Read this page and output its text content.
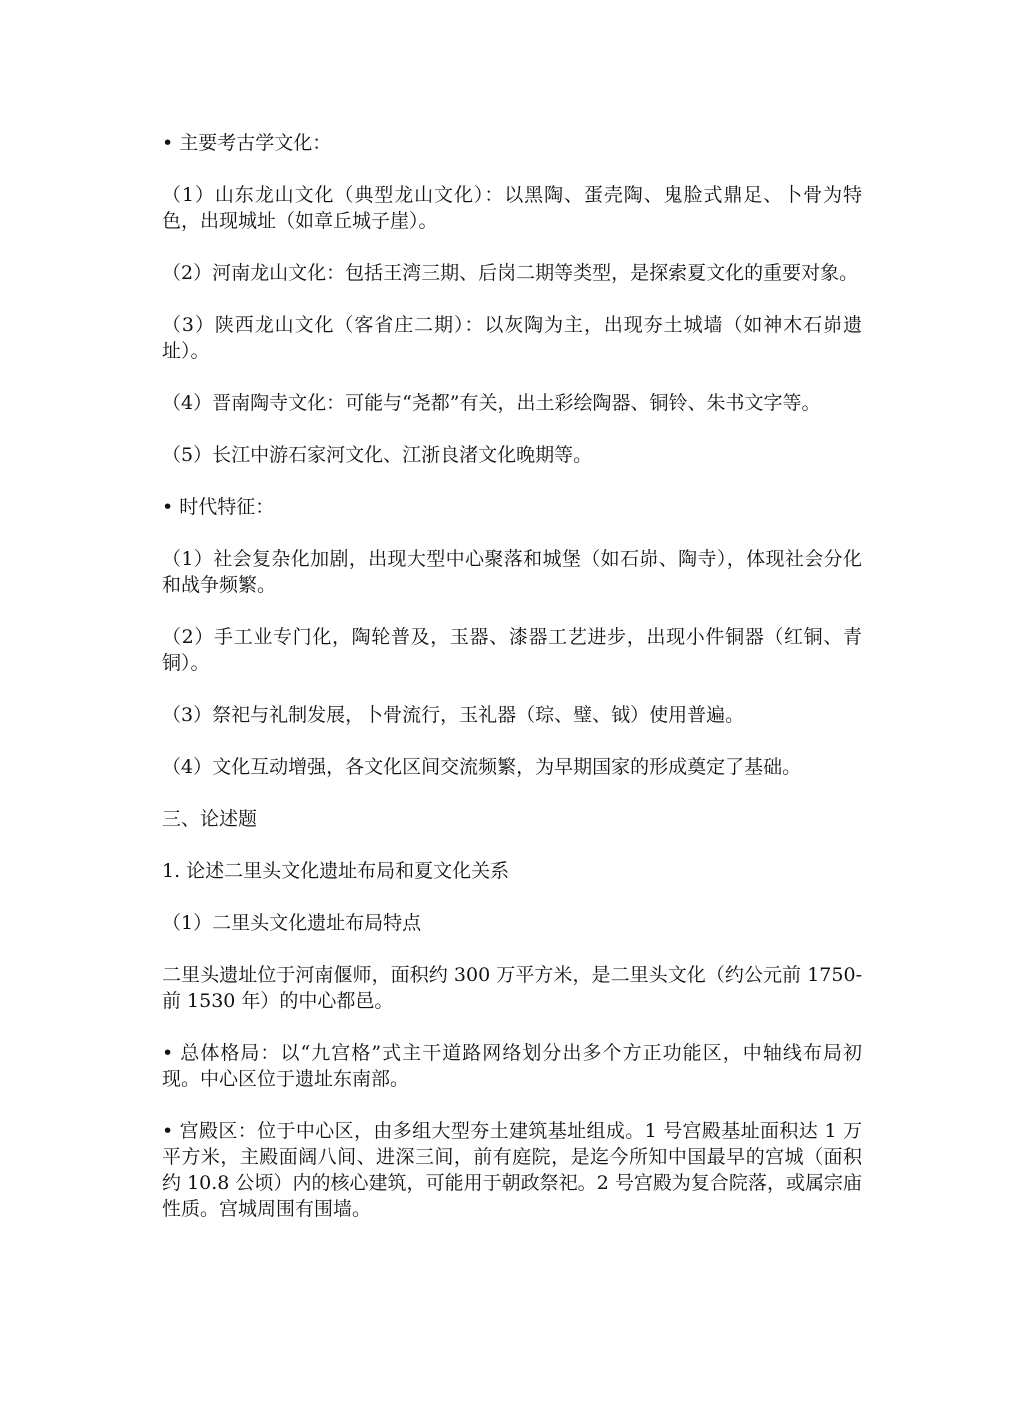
• 主要考古学文化：

（1）山东龙山文化（典型龙山文化）：以黑陶、蛋壳陶、鬼脸式鼎足、卜骨为特色，出现城址（如章丘城子崖）。

（2）河南龙山文化：包括王湾三期、后岗二期等类型，是探索夏文化的重要对象。

（3）陕西龙山文化（客省庄二期）：以灰陶为主，出现夯土城墙（如神木石峁遗址）。

（4）晋南陶寺文化：可能与“尧都”有关，出土彩绘陶器、铜铃、朱书文字等。

（5）长江中游石家河文化、江浙良渚文化晚期等。

• 时代特征：

（1）社会复杂化加剧，出现大型中心聚落和城堡（如石峁、陶寺），体现社会分化和战争频繁。

（2）手工业专门化，陶轮普及，玉器、漆器工艺进步，出现小件铜器（红铜、青铜）。

（3）祭祀与礼制发展，卜骨流行，玉礼器（琮、璧、钺）使用普遍。

（4）文化互动增强，各文化区间交流频繁，为早期国家的形成奠定了基础。

三、论述题

1. 论述二里头文化遗址布局和夏文化关系

（1）二里头文化遗址布局特点

二里头遗址位于河南偃师，面积约 300 万平方米，是二里头文化（约公元前 1750-前 1530 年）的中心都邑。

• 总体格局：以“九宫格”式主干道路网络划分出多个方正功能区，中轴线布局初现。中心区位于遗址东南部。

• 宫殿区：位于中心区，由多组大型夯土建筑基址组成。1 号宫殿基址面积达 1 万平方米，主殿面阔八间、进深三间，前有庭院，是迄今所知中国最早的宫城（面积约 10.8 公顷）内的核心建筑，可能用于朝政祭祀。2 号宫殿为复合院落，或属宗庙性质。宫城周围有围墙。
